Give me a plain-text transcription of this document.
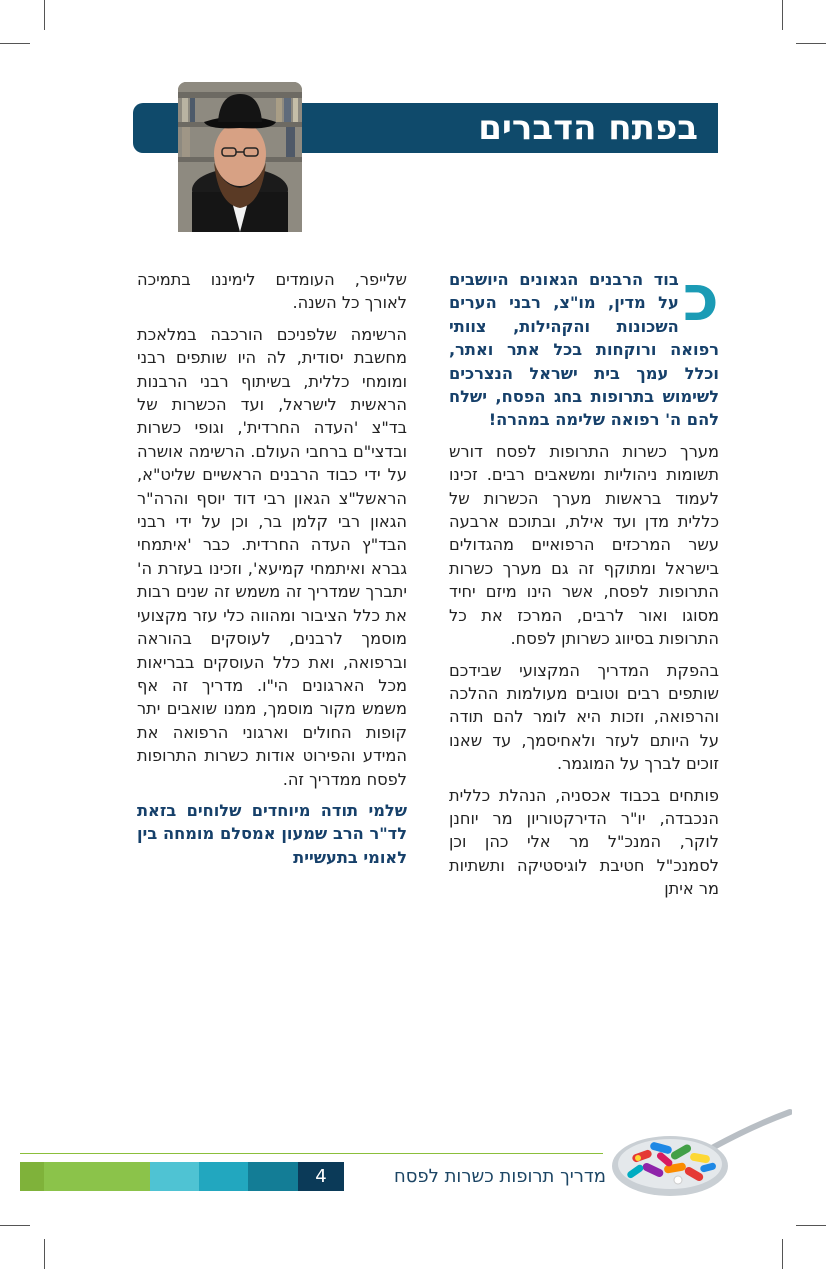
בפתח הדברים

כ
בוד הרבנים הגאונים היושבים על מדין, מו"צ, רבני הערים השכונות והקהילות, צוותי רפואה ורוקחות בכל אתר ואתר, וכלל עמך בית ישראל הנצרכים לשימוש בתרופות בחג הפסח, ישלח להם ה' רפואה שלימה במהרה!

מערך כשרות התרופות לפסח דורש תשומות ניהוליות ומשאבים רבים. זכינו לעמוד בראשות מערך הכשרות של כללית מדן ועד אילת, ובתוכם ארבעה עשר המרכזים הרפואיים מהגדולים בישראל ומתוקף זה גם מערך כשרות התרופות לפסח, אשר הינו מיזם יחיד מסוגו ואור לרבים, המרכז את כל התרופות בסיווג כשרותן לפסח.

בהפקת המדריך המקצועי שבידכם שותפים רבים וטובים מעולמות ההלכה והרפואה, וזכות היא לומר להם תודה על היותם לעזר ולאחיסמך, עד שאנו זוכים לברך על המוגמר.

פותחים בכבוד אכסניה, הנהלת כללית הנכבדה, יו"ר הדירקטוריון מר יוחנן לוקר, המנכ"ל מר אלי כהן וכן לסמנכ"ל חטיבת לוגיסטיקה ותשתיות מר איתן

שלייפר, העומדים לימיננו בתמיכה לאורך כל השנה.

הרשימה שלפניכם הורכבה במלאכת מחשבת יסודית, לה היו שותפים רבני ומומחי כללית, בשיתוף רבני הרבנות הראשית לישראל, ועד הכשרות של בד"צ 'העדה החרדית', וגופי כשרות ובדצי"ם ברחבי העולם. הרשימה אושרה על ידי כבוד הרבנים הראשיים שליט"א, הראשל"צ הגאון רבי דוד יוסף והרה"ר הגאון רבי קלמן בר, וכן על ידי רבני הבד"ץ העדה החרדית. כבר 'איתמחי גברא ואיתמחי קמיעא', וזכינו בעזרת ה' יתברך שמדריך זה משמש זה שנים רבות את כלל הציבור ומהווה כלי עזר מקצועי מוסמך לרבנים, לעוסקים בהוראה וברפואה, ואת כלל העוסקים בבריאות מכל הארגונים הי"ו. מדריך זה אף משמש מקור מוסמך, ממנו שואבים יתר קופות החולים וארגוני הרפואה את המידע והפירוט אודות כשרות התרופות לפסח ממדריך זה.

שלמי תודה מיוחדים שלוחים בזאת לד"ר הרב שמעון אמסלם מומחה בין לאומי בתעשיית

4	מדריך תרופות כשרות לפסח
